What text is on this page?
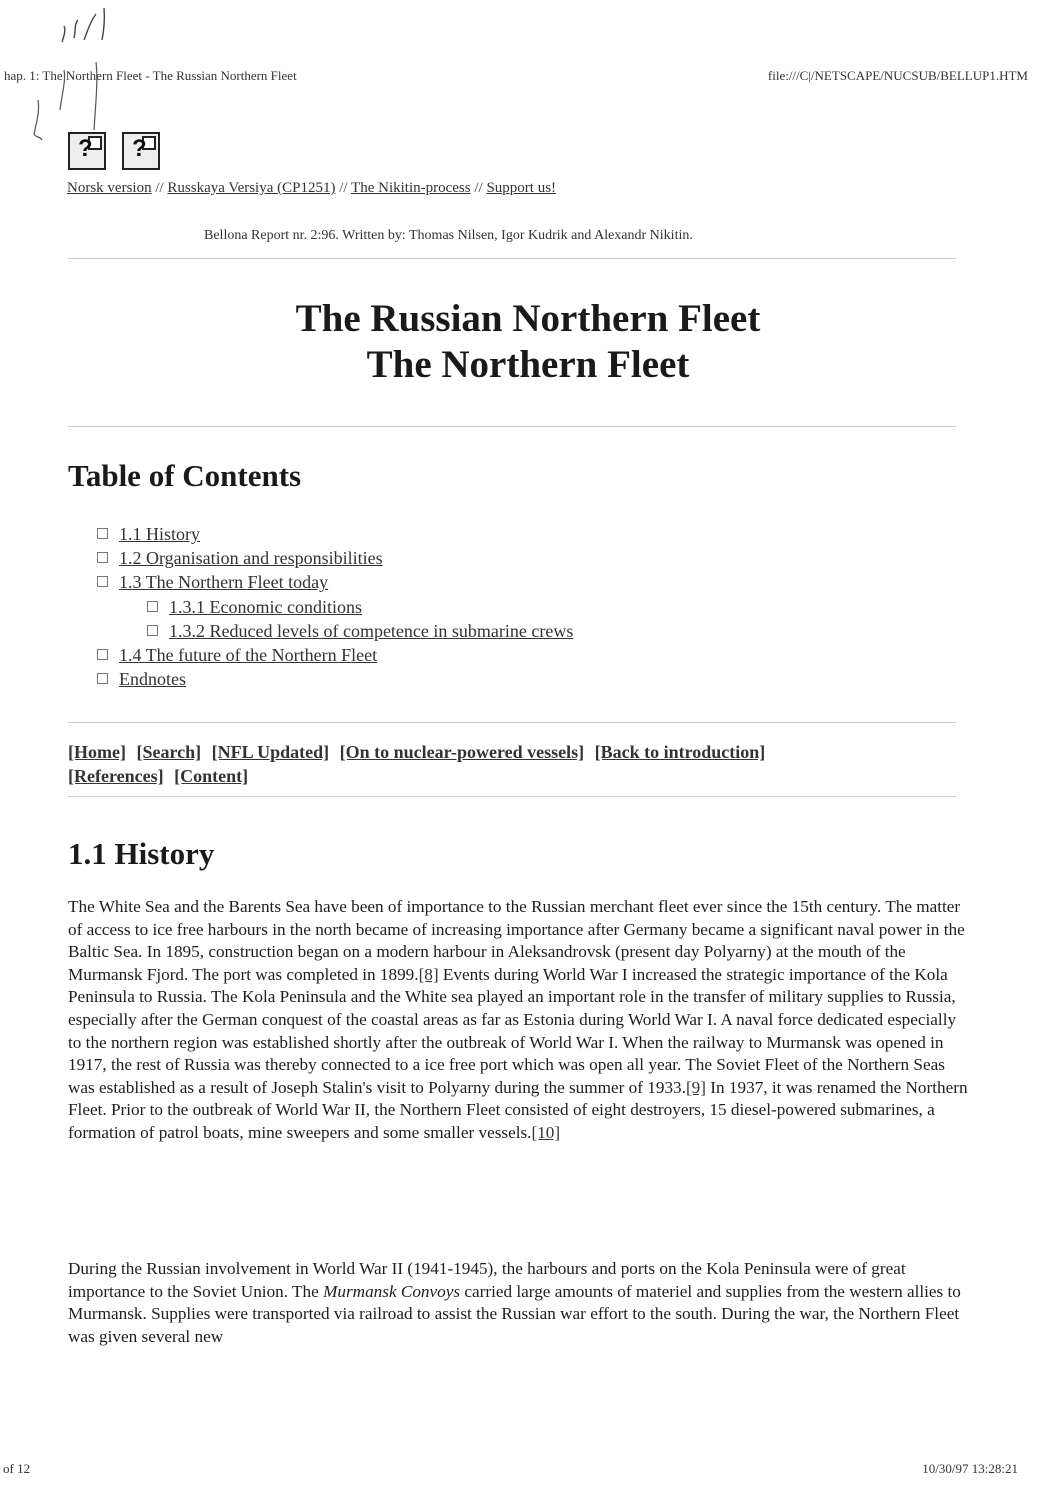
hap. 1: The Northern Fleet - The Russian Northern Fleet	file:///C|/NETSCAPE/NUCSUB/BELLUP1.HTM
? ?
Norsk version // Russkaya Versiya (CP1251) // The Nikitin-process // Support us!
Bellona Report nr. 2:96. Written by: Thomas Nilsen, Igor Kudrik and Alexandr Nikitin.
The Russian Northern Fleet
The Northern Fleet
Table of Contents
1.1 History
1.2 Organisation and responsibilities
1.3 The Northern Fleet today
1.3.1 Economic conditions
1.3.2 Reduced levels of competence in submarine crews
1.4 The future of the Northern Fleet
Endnotes
[Home] [Search] [NFL Updated] [On to nuclear-powered vessels] [Back to introduction]
[References] [Content]
1.1 History

The White Sea and the Barents Sea have been of importance to the Russian merchant fleet ever since the 15th century. The matter of access to ice free harbours in the north became of increasing importance after Germany became a significant naval power in the Baltic Sea. In 1895, construction began on a modern harbour in Aleksandrovsk (present day Polyarny) at the mouth of the Murmansk Fjord. The port was completed in 1899.[8] Events during World War I increased the strategic importance of the Kola Peninsula to Russia. The Kola Peninsula and the White sea played an important role in the transfer of military supplies to Russia, especially after the German conquest of the coastal areas as far as Estonia during World War I. A naval force dedicated especially to the northern region was established shortly after the outbreak of World War I. When the railway to Murmansk was opened in 1917, the rest of Russia was thereby connected to a ice free port which was open all year. The Soviet Fleet of the Northern Seas was established as a result of Joseph Stalin's visit to Polyarny during the summer of 1933.[9] In 1937, it was renamed the Northern Fleet. Prior to the outbreak of World War II, the Northern Fleet consisted of eight destroyers, 15 diesel-powered submarines, a formation of patrol boats, mine sweepers and some smaller vessels.[10]

During the Russian involvement in World War II (1941-1945), the harbours and ports on the Kola Peninsula were of great importance to the Soviet Union. The Murmansk Convoys carried large amounts of materiel and supplies from the western allies to Murmansk. Supplies were transported via railroad to assist the Russian war effort to the south. During the war, the Northern Fleet was given several new

of 12	10/30/97 13:28:21
